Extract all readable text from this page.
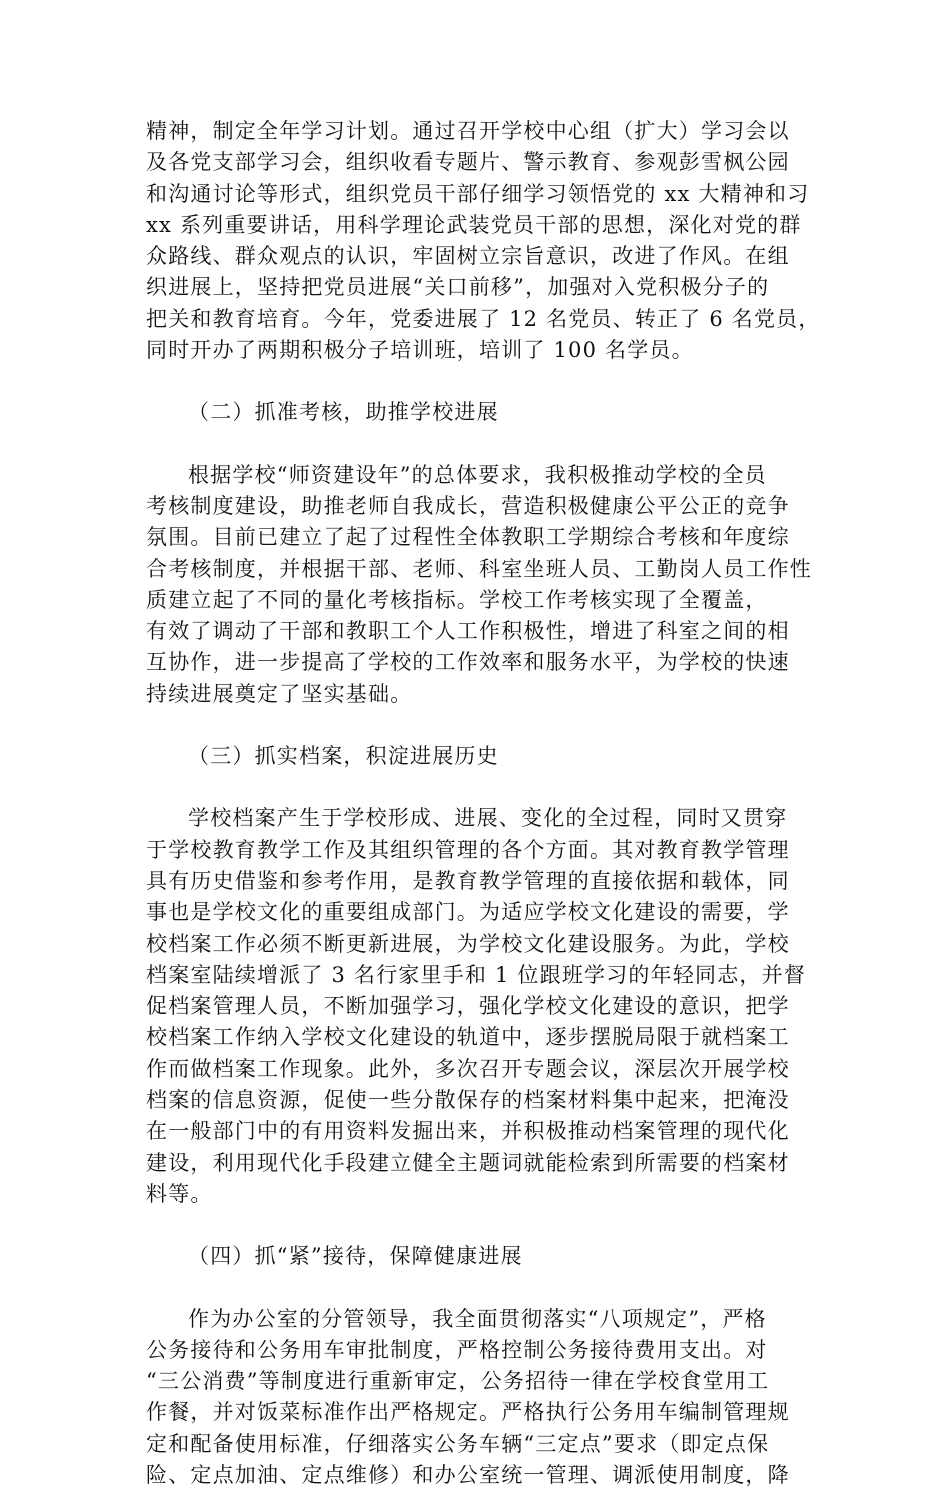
精神，制定全年学习计划。通过召开学校中心组（扩大）学习会以
及各党支部学习会，组织收看专题片、警示教育、参观彭雪枫公园
和沟通讨论等形式，组织党员干部仔细学习领悟党的 xx 大精神和习
xx 系列重要讲话，用科学理论武装党员干部的思想，深化对党的群
众路线、群众观点的认识，牢固树立宗旨意识，改进了作风。在组
织进展上，坚持把党员进展“关口前移”，加强对入党积极分子的
把关和教育培育。今年，党委进展了 12 名党员、转正了 6 名党员，
同时开办了两期积极分子培训班，培训了 100 名学员。
（二）抓准考核，助推学校进展
根据学校“师资建设年”的总体要求，我积极推动学校的全员
考核制度建设，助推老师自我成长，营造积极健康公平公正的竞争
氛围。目前已建立了起了过程性全体教职工学期综合考核和年度综
合考核制度，并根据干部、老师、科室坐班人员、工勤岗人员工作性
质建立起了不同的量化考核指标。学校工作考核实现了全覆盖，
有效了调动了干部和教职工个人工作积极性，增进了科室之间的相
互协作，进一步提高了学校的工作效率和服务水平，为学校的快速
持续进展奠定了坚实基础。
（三）抓实档案，积淀进展历史
学校档案产生于学校形成、进展、变化的全过程，同时又贯穿
于学校教育教学工作及其组织管理的各个方面。其对教育教学管理
具有历史借鉴和参考作用，是教育教学管理的直接依据和载体，同
事也是学校文化的重要组成部门。为适应学校文化建设的需要，学
校档案工作必须不断更新进展，为学校文化建设服务。为此，学校
档案室陆续增派了 3 名行家里手和 1 位跟班学习的年轻同志，并督
促档案管理人员，不断加强学习，强化学校文化建设的意识，把学
校档案工作纳入学校文化建设的轨道中，逐步摆脱局限于就档案工
作而做档案工作现象。此外，多次召开专题会议，深层次开展学校
档案的信息资源，促使一些分散保存的档案材料集中起来，把淹没
在一般部门中的有用资料发掘出来，并积极推动档案管理的现代化
建设，利用现代化手段建立健全主题词就能检索到所需要的档案材
料等。
（四）抓“紧”接待，保障健康进展
作为办公室的分管领导，我全面贯彻落实“八项规定”，严格
公务接待和公务用车审批制度，严格控制公务接待费用支出。对
“三公消费”等制度进行重新审定，公务招待一律在学校食堂用工
作餐，并对饭菜标准作出严格规定。严格执行公务用车编制管理规
定和配备使用标准，仔细落实公务车辆“三定点”要求（即定点保
险、定点加油、定点维修）和办公室统一管理、调派使用制度，降
